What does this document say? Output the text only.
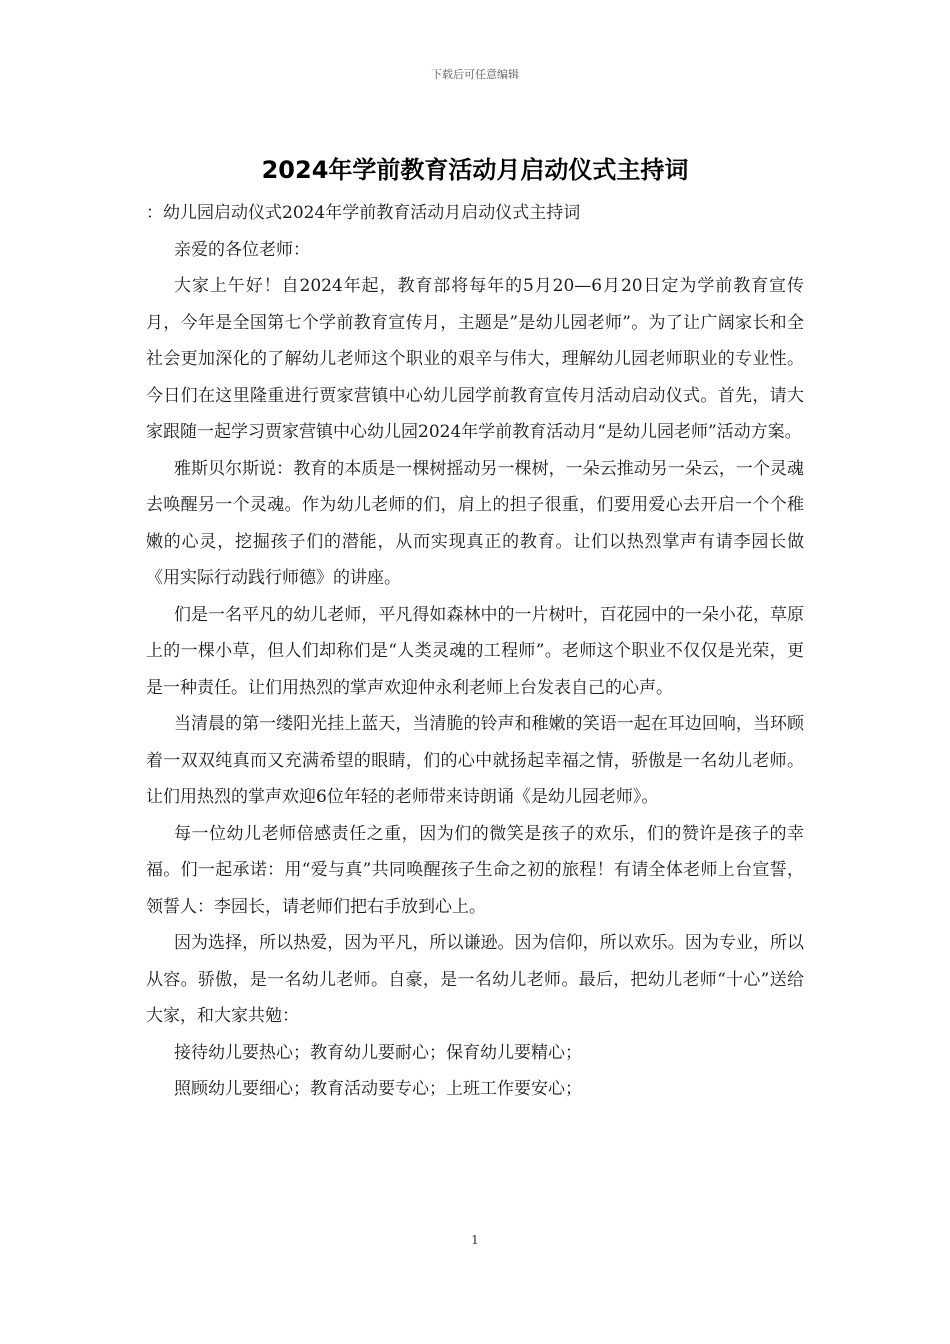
下载后可任意编辑
2024年学前教育活动月启动仪式主持词

：幼儿园启动仪式2024年学前教育活动月启动仪式主持词

亲爱的各位老师：

大家上午好！自2024年起，教育部将每年的5月20—6月20日定为学前教育宣传月，今年是全国第七个学前教育宣传月，主题是”是幼儿园老师”。为了让广阔家长和全社会更加深化的了解幼儿老师这个职业的艰辛与伟大，理解幼儿园老师职业的专业性。今日们在这里隆重进行贾家营镇中心幼儿园学前教育宣传月活动启动仪式。首先，请大家跟随一起学习贾家营镇中心幼儿园2024年学前教育活动月“是幼儿园老师”活动方案。

雅斯贝尔斯说：教育的本质是一棵树摇动另一棵树，一朵云推动另一朵云，一个灵魂去唤醒另一个灵魂。作为幼儿老师的们，肩上的担子很重，们要用爱心去开启一个个稚嫩的心灵，挖掘孩子们的潜能，从而实现真正的教育。让们以热烈掌声有请李园长做《用实际行动践行师德》的讲座。

们是一名平凡的幼儿老师，平凡得如森林中的一片树叶，百花园中的一朵小花，草原上的一棵小草，但人们却称们是“人类灵魂的工程师”。老师这个职业不仅仅是光荣，更是一种责任。让们用热烈的掌声欢迎仲永利老师上台发表自己的心声。

当清晨的第一缕阳光挂上蓝天，当清脆的铃声和稚嫩的笑语一起在耳边回响，当环顾着一双双纯真而又充满希望的眼睛，们的心中就扬起幸福之情，骄傲是一名幼儿老师。让们用热烈的掌声欢迎6位年轻的老师带来诗朗诵《是幼儿园老师》。

每一位幼儿老师倍感责任之重，因为们的微笑是孩子的欢乐，们的赞许是孩子的幸福。们一起承诺：用“爱与真”共同唤醒孩子生命之初的旅程！有请全体老师上台宣誓，领誓人：李园长，请老师们把右手放到心上。

因为选择，所以热爱，因为平凡，所以谦逊。因为信仰，所以欢乐。因为专业，所以从容。骄傲，是一名幼儿老师。自豪，是一名幼儿老师。最后，把幼儿老师“十心”送给大家，和大家共勉：

接待幼儿要热心；教育幼儿要耐心；保育幼儿要精心；

照顾幼儿要细心；教育活动要专心；上班工作要安心；

1
